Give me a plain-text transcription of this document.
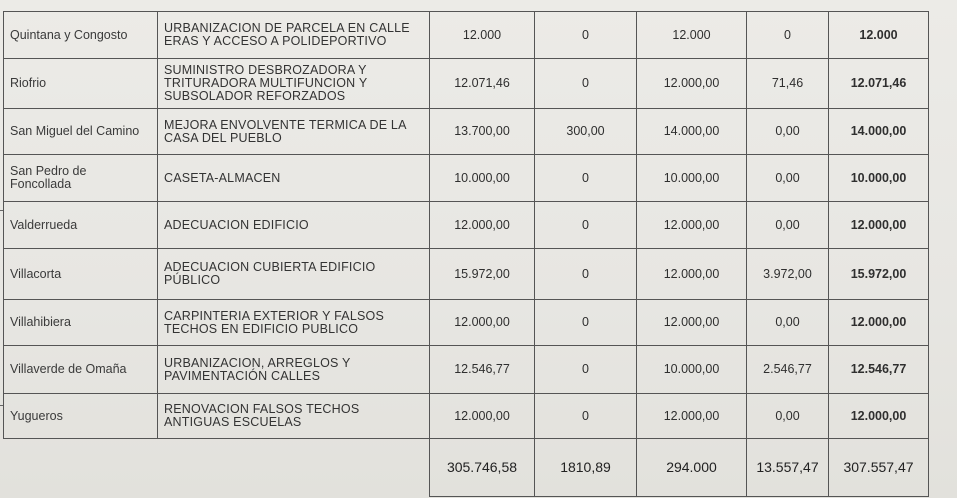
Quintana y Congosto	URBANIZACION DE PARCELA EN CALLE ERAS Y ACCESO A POLIDEPORTIVO	12.000	0	12.000	0	12.000
Riofrio	SUMINISTRO DESBROZADORA Y TRITURADORA MULTIFUNCION Y SUBSOLADOR REFORZADOS	12.071,46	0	12.000,00	71,46	12.071,46
San Miguel del Camino	MEJORA ENVOLVENTE TERMICA DE LA CASA DEL PUEBLO	13.700,00	300,00	14.000,00	0,00	14.000,00
San Pedro de Foncollada	CASETA-ALMACEN	10.000,00	0	10.000,00	0,00	10.000,00
Valderrueda	ADECUACION EDIFICIO	12.000,00	0	12.000,00	0,00	12.000,00
Villacorta	ADECUACION CUBIERTA EDIFICIO PÚBLICO	15.972,00	0	12.000,00	3.972,00	15.972,00
Villahibiera	CARPINTERIA EXTERIOR Y FALSOS TECHOS EN EDIFICIO PUBLICO	12.000,00	0	12.000,00	0,00	12.000,00
Villaverde de Omaña	URBANIZACION, ARREGLOS Y PAVIMENTACIÓN CALLES	12.546,77	0	10.000,00	2.546,77	12.546,77
Yugueros	RENOVACION FALSOS TECHOS ANTIGUAS ESCUELAS	12.000,00	0	12.000,00	0,00	12.000,00
		305.746,58	1810,89	294.000	13.557,47	307.557,47
